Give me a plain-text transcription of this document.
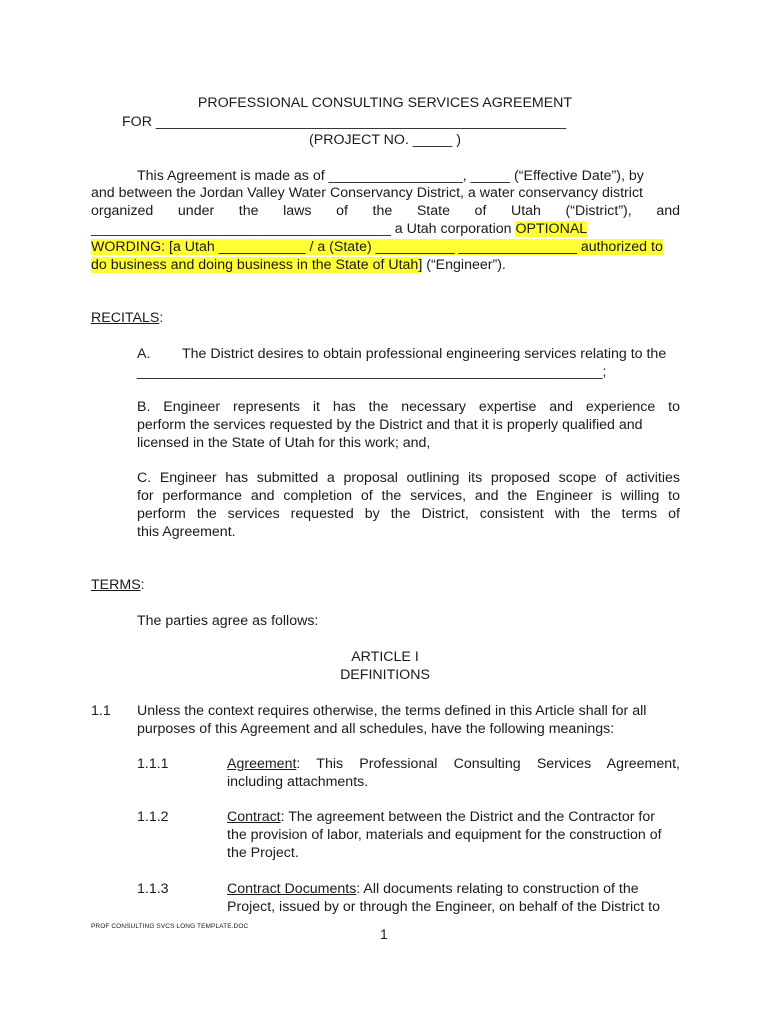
PROFESSIONAL CONSULTING SERVICES AGREEMENT
FOR ____________________________________________________
(PROJECT NO. _____ )
This Agreement is made as of _________________, _____ (“Effective Date”), by
and between the Jordan Valley Water Conservancy District, a water conservancy district
organized under the laws of the State of Utah (“District”), and
______________________________________ a Utah corporation OPTIONAL
WORDING: [a Utah ___________ / a (State) __________ _______________ authorized to
do business and doing business in the State of Utah] (“Engineer”).
RECITALS:
A. The District desires to obtain professional engineering services relating to the
___________________________________________________________;
B. Engineer represents it has the necessary expertise and experience to
perform the services requested by the District and that it is properly qualified and
licensed in the State of Utah for this work; and,
C. Engineer has submitted a proposal outlining its proposed scope of activities
for performance and completion of the services, and the Engineer is willing to
perform the services requested by the District, consistent with the terms of
this Agreement.
TERMS:
The parties agree as follows:
ARTICLE I
DEFINITIONS
1.1 Unless the context requires otherwise, the terms defined in this Article shall for all
purposes of this Agreement and all schedules, have the following meanings:
1.1.1	Agreement: This Professional Consulting Services Agreement,
including attachments.
1.1.2	Contract: The agreement between the District and the Contractor for
the provision of labor, materials and equipment for the construction of
the Project.
1.1.3	Contract Documents: All documents relating to construction of the
Project, issued by or through the Engineer, on behalf of the District to
PROF CONSULTING SVCS LONG TEMPLATE.DOC	1
